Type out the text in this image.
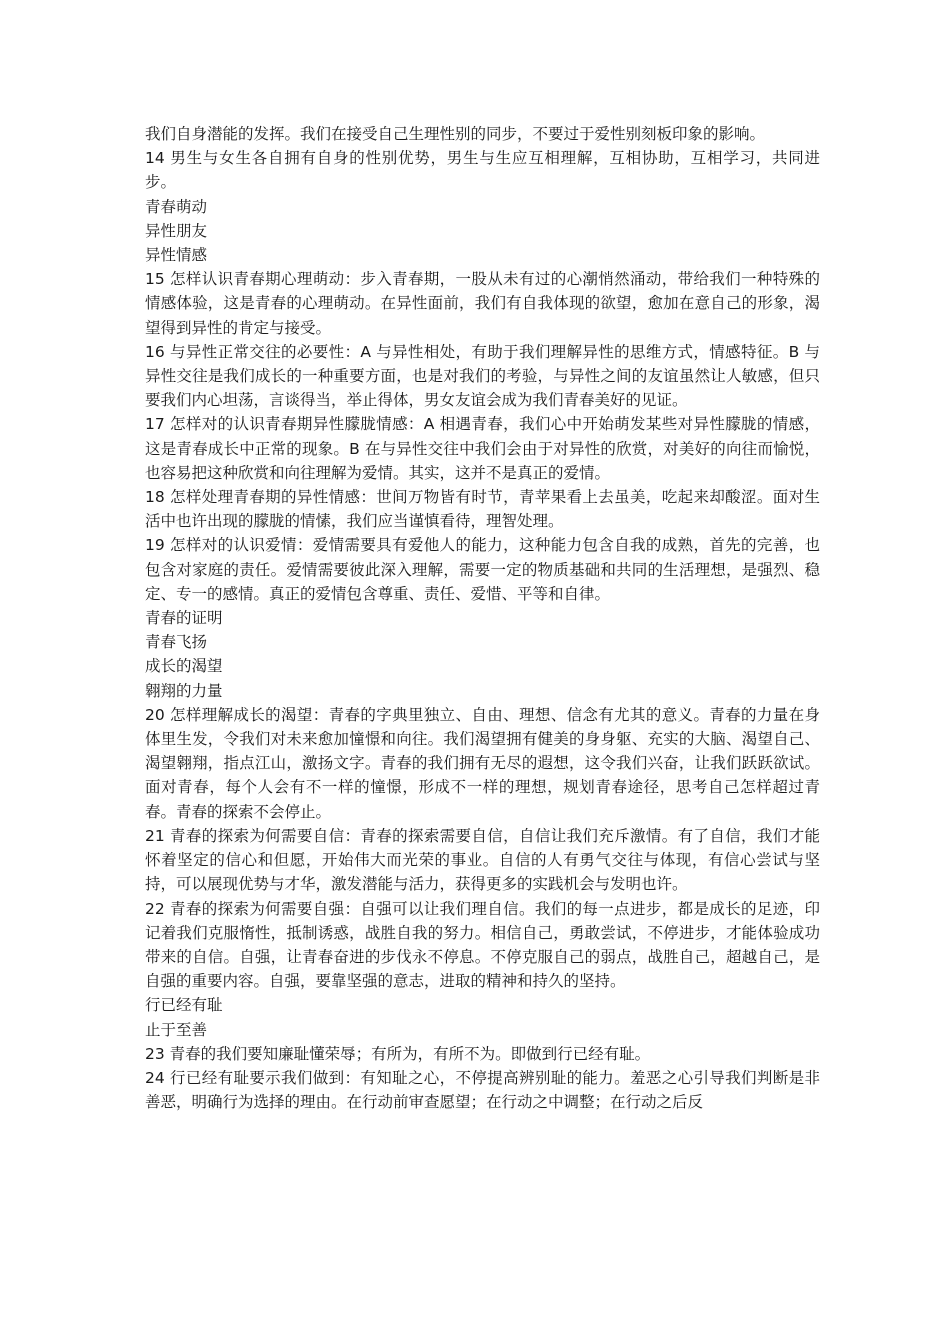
我们自身潜能的发挥。我们在接受自己生理性别的同步，不要过于爱性别刻板印象的影响。

14 男生与女生各自拥有自身的性别优势，男生与生应互相理解，互相协助，互相学习，共同进步。

青春萌动

异性朋友

异性情感

15 怎样认识青春期心理萌动：步入青春期，一股从未有过的心潮悄然涌动，带给我们一种特殊的情感体验，这是青春的心理萌动。在异性面前，我们有自我体现的欲望，愈加在意自己的形象，渴望得到异性的肯定与接受。

16 与异性正常交往的必要性：A 与异性相处，有助于我们理解异性的思维方式，情感特征。B 与异性交往是我们成长的一种重要方面，也是对我们的考验，与异性之间的友谊虽然让人敏感，但只要我们内心坦荡，言谈得当，举止得体，男女友谊会成为我们青春美好的见证。

17 怎样对的认识青春期异性朦胧情感：A 相遇青春，我们心中开始萌发某些对异性朦胧的情感，这是青春成长中正常的现象。B 在与异性交往中我们会由于对异性的欣赏，对美好的向往而愉悦，也容易把这种欣赏和向往理解为爱情。其实，这并不是真正的爱情。

18 怎样处理青春期的异性情感：世间万物皆有时节，青苹果看上去虽美，吃起来却酸涩。面对生活中也许出现的朦胧的情愫，我们应当谨慎看待，理智处理。

19 怎样对的认识爱情：爱情需要具有爱他人的能力，这种能力包含自我的成熟，首先的完善，也包含对家庭的责任。爱情需要彼此深入理解，需要一定的物质基础和共同的生活理想，是强烈、稳定、专一的感情。真正的爱情包含尊重、责任、爱惜、平等和自律。

青春的证明

青春飞扬

成长的渴望

翱翔的力量

20 怎样理解成长的渴望：青春的字典里独立、自由、理想、信念有尤其的意义。青春的力量在身体里生发，令我们对未来愈加憧憬和向往。我们渴望拥有健美的身身躯、充实的大脑、渴望自己、渴望翱翔，指点江山，激扬文字。青春的我们拥有无尽的遐想，这令我们兴奋，让我们跃跃欲试。面对青春，每个人会有不一样的憧憬，形成不一样的理想，规划青春途径，思考自己怎样超过青春。青春的探索不会停止。

21 青春的探索为何需要自信：青春的探索需要自信，自信让我们充斥激情。有了自信，我们才能怀着坚定的信心和但愿，开始伟大而光荣的事业。自信的人有勇气交往与体现，有信心尝试与坚持，可以展现优势与才华，激发潜能与活力，获得更多的实践机会与发明也许。

22 青春的探索为何需要自强：自强可以让我们理自信。我们的每一点进步，都是成长的足迹，印记着我们克服惰性，抵制诱惑，战胜自我的努力。相信自己，勇敢尝试，不停进步，才能体验成功带来的自信。自强，让青春奋进的步伐永不停息。不停克服自己的弱点，战胜自己，超越自己，是自强的重要内容。自强，要靠坚强的意志，进取的精神和持久的坚持。

行已经有耻

止于至善

23 青春的我们要知廉耻懂荣辱；有所为，有所不为。即做到行已经有耻。

24 行已经有耻要示我们做到：有知耻之心，不停提高辨别耻的能力。羞恶之心引导我们判断是非善恶，明确行为选择的理由。在行动前审查愿望；在行动之中调整；在行动之后反
